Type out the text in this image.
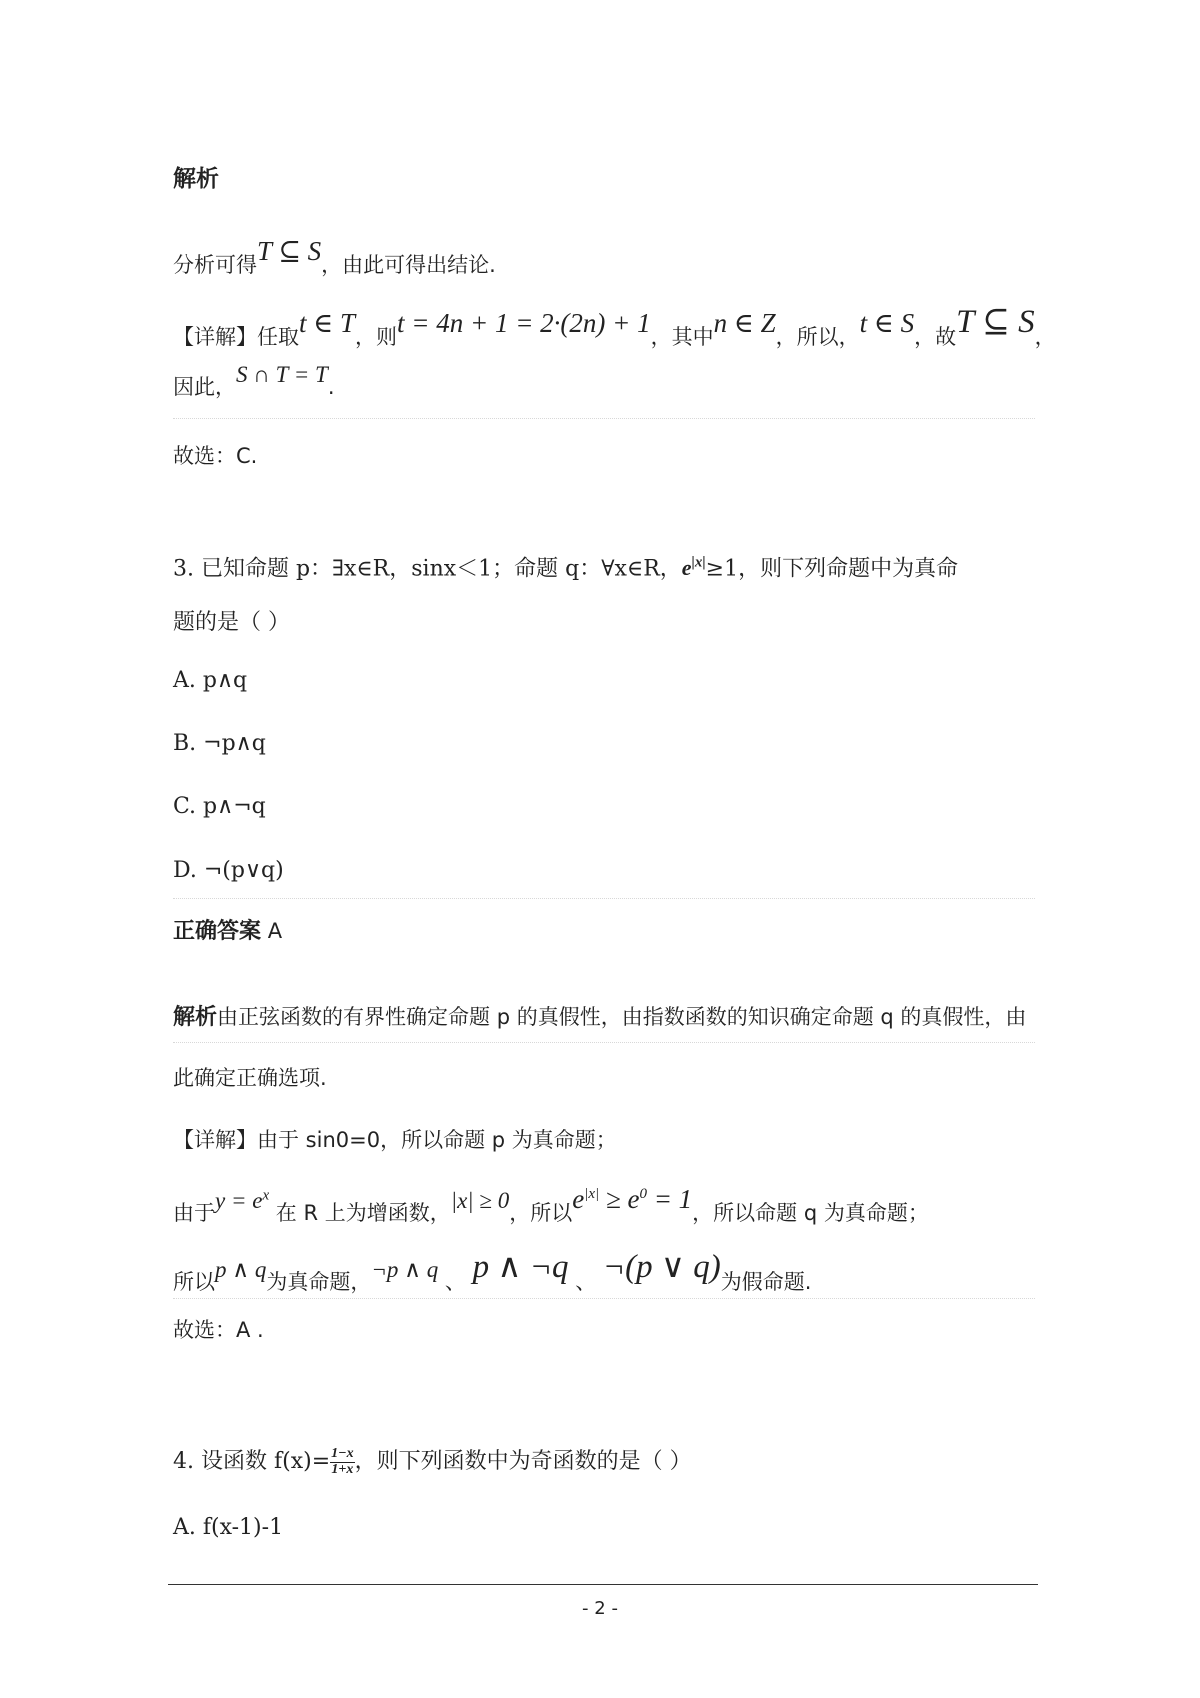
解析
分析可得T ⊆ S，由此可得出结论.
【详解】任取t ∈ T，则t = 4n + 1 = 2·(2n) + 1，其中n ∈ Z，所以，t ∈ S，故T ⊆ S，
因此，S ∩ T = T.
故选：C.
3. 已知命题 p：∃x∈R，sinx＜1；命题 q：∀x∈R，$e^{|x|}\ge 1$，则下列命题中为真命
题的是（ ）
A. p∧q
B. ¬p∧q
C. p∧¬q
D. ¬(p∨q)
正确答案 A
解析由正弦函数的有界性确定命题 p 的真假性，由指数函数的知识确定命题 q 的真假性，由
此确定正确选项.
【详解】由于 sin0=0，所以命题 p 为真命题；
由于$y = e^x$ 在 R 上为增函数，|x| ≥ 0，所以$e^{|x|} \ge e^0 = 1$，所以命题 q 为真命题；
所以p ∧ q为真命题，¬p ∧ q 、 p ∧ ¬q 、 ¬(p ∨ q)为假命题.
故选：A .
4. 设函数 $f(x)= \frac{1-x}{1+x}$ ，则下列函数中为奇函数的是（ ）
A. f(x-1)-1
- 2 -
